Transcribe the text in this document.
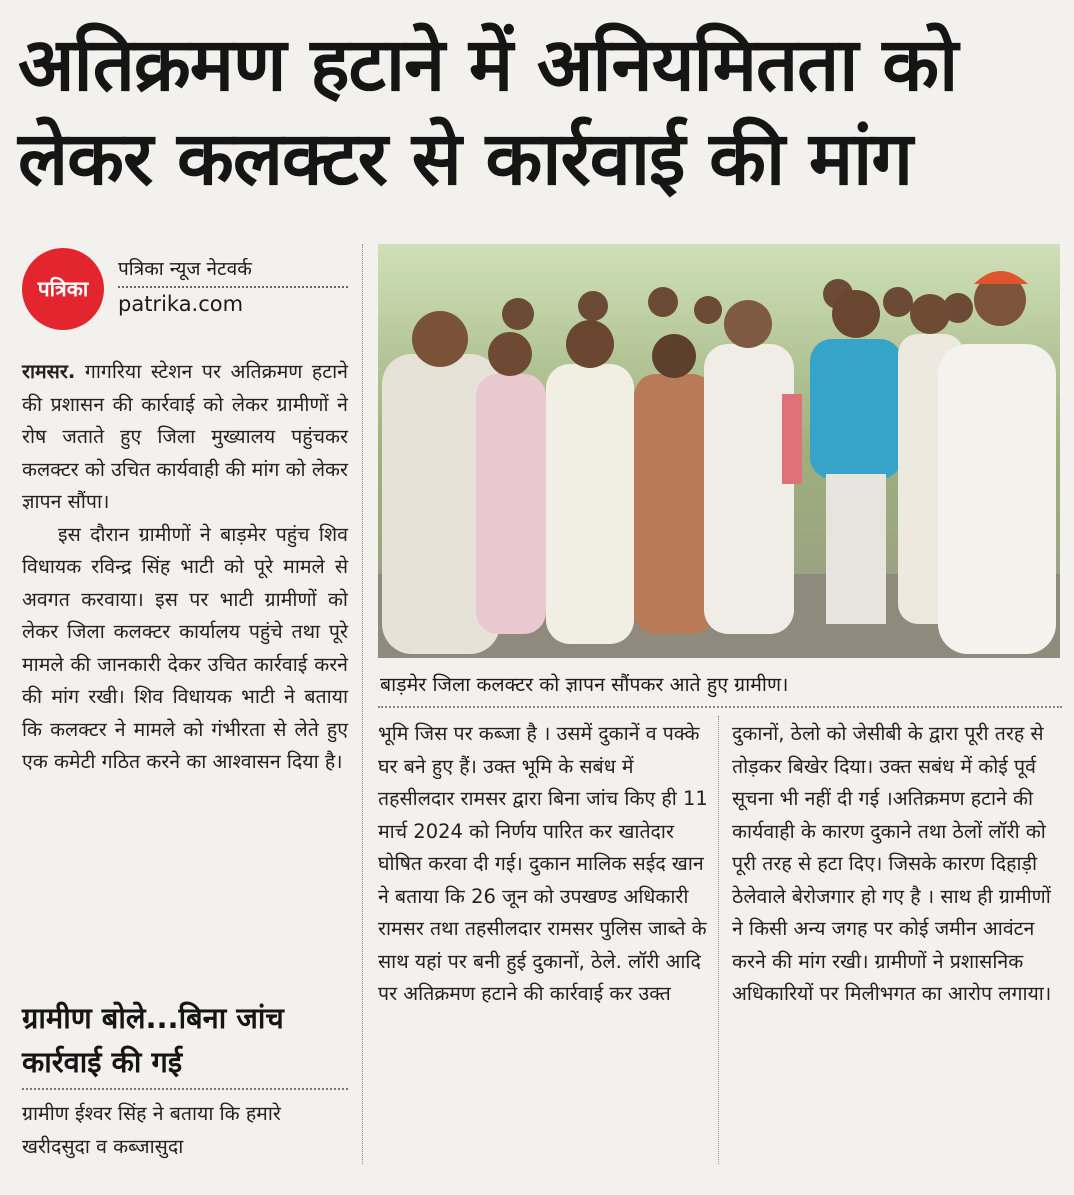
अतिक्रमण हटाने में अनियमितता को
लेकर कलक्टर से कार्रवाई की मांग
पत्रिका
पत्रिका न्यूज नेटवर्क
patrika.com

रामसर. गागरिया स्टेशन पर अतिक्रमण हटाने की प्रशासन की कार्रवाई को लेकर ग्रामीणों ने रोष जताते हुए जिला मुख्यालय पहुंचकर कलक्टर को उचित कार्यवाही की मांग को लेकर ज्ञापन सौंपा।

इस दौरान ग्रामीणों ने बाड़मेर पहुंच शिव विधायक रविन्द्र सिंह भाटी को पूरे मामले से अवगत करवाया। इस पर भाटी ग्रामीणों को लेकर जिला कलक्टर कार्यालय पहुंचे तथा पूरे मामले की जानकारी देकर उचित कार्रवाई करने की मांग रखी। शिव विधायक भाटी ने बताया कि कलक्टर ने मामले को गंभीरता से लेते हुए एक कमेटी गठित करने का आश्वासन दिया है।

ग्रामीण बोले...बिना जांच कार्रवाई की गई
ग्रामीण ईश्वर सिंह ने बताया कि हमारे खरीदसुदा व कब्जासुदा
बाड़मेर जिला कलक्टर को ज्ञापन सौंपकर आते हुए ग्रामीण।

भूमि जिस पर कब्जा है । उसमें दुकानें व पक्के घर बने हुए हैं। उक्त भूमि के सबंध में तहसीलदार रामसर द्वारा बिना जांच किए ही 11 मार्च 2024 को निर्णय पारित कर खातेदार घोषित करवा दी गई। दुकान मालिक सईद खान ने बताया कि 26 जून को उपखण्ड अधिकारी रामसर तथा तहसीलदार रामसर पुलिस जाब्ते के साथ यहां पर बनी हुई दुकानों, ठेले. लॉरी आदि पर अतिक्रमण हटाने की कार्रवाई कर उक्त

दुकानों, ठेलो को जेसीबी के द्वारा पूरी तरह से तोड़कर बिखेर दिया। उक्त सबंध में कोई पूर्व सूचना भी नहीं दी गई ।अतिक्रमण हटाने की कार्यवाही के कारण दुकाने तथा ठेलों लॉरी को पूरी तरह से हटा दिए। जिसके कारण दिहाड़ी ठेलेवाले बेरोजगार हो गए है । साथ ही ग्रामीणों ने किसी अन्य जगह पर कोई जमीन आवंटन करने की मांग रखी। ग्रामीणों ने प्रशासनिक अधिकारियों पर मिलीभगत का आरोप लगाया।
